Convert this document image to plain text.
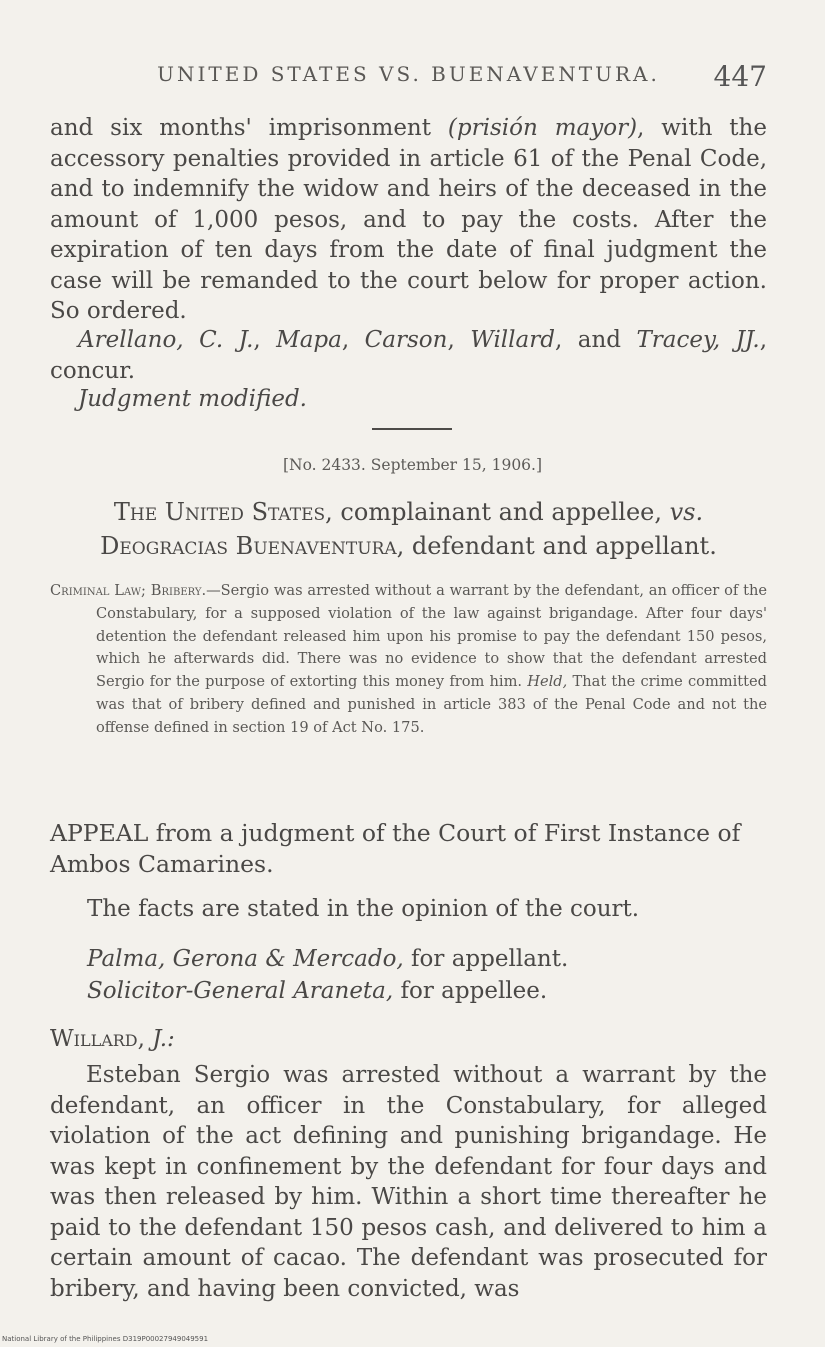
UNITED STATES VS. BUENAVENTURA.	447
and six months' imprisonment (prisión mayor), with the accessory penalties provided in article 61 of the Penal Code, and to indemnify the widow and heirs of the deceased in the amount of 1,000 pesos, and to pay the costs. After the expiration of ten days from the date of final judgment the case will be remanded to the court below for proper action. So ordered.
Arellano, C. J., Mapa, Carson, Willard, and Tracey, JJ., concur.
Judgment modified.
[No. 2433. September 15, 1906.]
The United States, complainant and appellee, vs. Deogracias Buenaventura, defendant and appellant.
Criminal Law; Bribery.—Sergio was arrested without a warrant by the defendant, an officer of the Constabulary, for a supposed violation of the law against brigandage. After four days' detention the defendant released him upon his promise to pay the defendant 150 pesos, which he afterwards did. There was no evidence to show that the defendant arrested Sergio for the purpose of extorting this money from him. Held, That the crime committed was that of bribery defined and punished in article 383 of the Penal Code and not the offense defined in section 19 of Act No. 175.
APPEAL from a judgment of the Court of First Instance of Ambos Camarines.
The facts are stated in the opinion of the court.
Palma, Gerona & Mercado, for appellant.
Solicitor-General Araneta, for appellee.
Willard, J.:
Esteban Sergio was arrested without a warrant by the defendant, an officer in the Constabulary, for alleged violation of the act defining and punishing brigandage. He was kept in confinement by the defendant for four days and was then released by him. Within a short time thereafter he paid to the defendant 150 pesos cash, and delivered to him a certain amount of cacao. The defendant was prosecuted for bribery, and having been convicted, was
National Library of the Philippines D319P00027949049591
